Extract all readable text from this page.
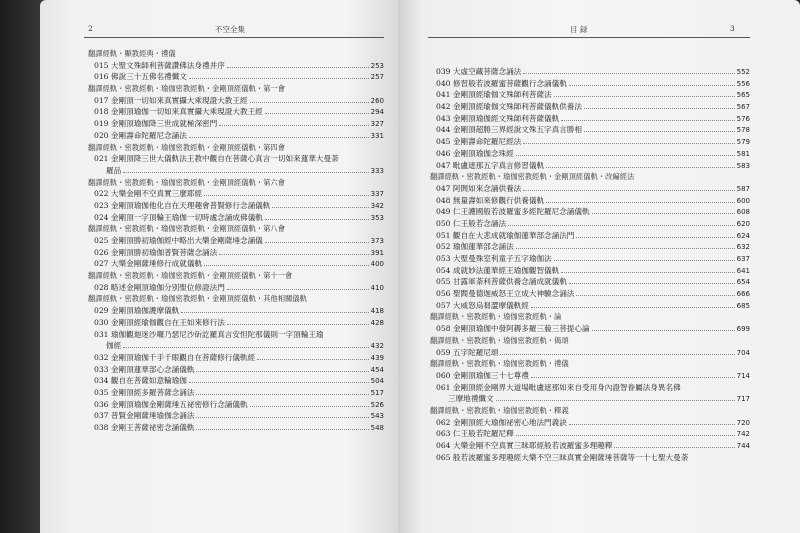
2	不空全集
翻譯經軌・顯教經典・禮儀
015 大聖文殊師利菩薩讚佛法身禮并序	253
016 佛說三十五佛名禮懺文	257
翻譯經軌・密教經軌・瑜伽密教經軌・金剛頂經儀軌・第一會
017 金剛頂一切如來真實攝大乘現證大教王經	260
018 金剛頂瑜伽一切如來真實攝大乘現證大教王經	294
019 金剛頂瑜伽降三世成就極深密門	327
020 金剛壽命陀羅尼念誦法	331
翻譯經軌・密教經軌・瑜伽密教經軌・金剛頂經儀軌・第四會
021 金剛頂降三世大儀軌法王教中觀自在菩薩心真言一切如來蓮華大曼荼
羅品	333
翻譯經軌・密教經軌・瑜伽密教經軌・金剛頂經儀軌・第六會
022 大樂金剛不空真實三麼耶經	337
023 金剛頂瑜伽他化自在天理趣會普賢修行念誦儀軌	342
024 金剛頂一字頂輪王瑜伽一切時處念誦成佛儀軌	353
翻譯經軌・密教經軌・瑜伽密教經軌・金剛頂經儀軌・第八會
025 金剛頂勝初瑜伽經中略出大樂金剛薩埵念誦儀	373
026 金剛頂勝初瑜伽普賢菩薩念誦法	391
027 大樂金剛薩埵修行成就儀軌	400
翻譯經軌・密教經軌・瑜伽密教經軌・金剛頂經儀軌・第十一會
028 略述金剛頂瑜伽分別聖位修證法門	410
翻譯經軌・密教經軌・瑜伽密教經軌・金剛頂經儀軌・其他相關儀軌
029 金剛頂瑜伽護摩儀軌	418
030 金剛頂經瑜伽觀自在王如來修行法	428
031 瑜伽觀迦迷沙囉乃瑟尼沙斫訖羅真言安怛陀那儀則一字頂輪王瑜
伽經	432
032 金剛頂瑜伽千手千眼觀自在菩薩修行儀軌經	439
033 金剛頂蓮華部心念誦儀軌	454
034 觀自在菩薩如意輪瑜伽	504
035 金剛頂經多羅菩薩念誦法	517
036 金剛頂瑜伽金剛薩埵五祕密修行念誦儀軌	526
037 普賢金剛薩埵瑜伽念誦法	543
038 金剛王菩薩祕密念誦儀軌	548
目 録	3
039 大虛空藏菩薩念誦法	552
040 修習般若波羅蜜菩薩觀行念誦儀軌	556
041 金剛頂經瑜伽文殊師利菩薩法	565
042 金剛頂經瑜伽文殊師利菩薩儀軌供養法	567
043 金剛頂瑜伽經文殊師利菩薩儀軌	576
044 金剛頂超勝三界經說文殊五字真言勝相	578
045 金剛壽命陀羅尼經法	579
046 金剛頂瑜伽念珠經	581
047 毗盧遮那五字真言修習儀軌	583
翻譯經軌・密教經軌・瑜伽密教經軌・金剛頂經儀軌・改編經法
047 阿閦如來念誦供養法	587
048 無量壽如來修觀行供養儀軌	600
049 仁王護國般若波羅蜜多經陀羅尼念誦儀軌	608
050 仁王般若念誦法	620
051 觀自在大悲成就瑜伽蓮華部念誦法門	624
052 瑜伽蓮華部念誦法	632
053 大聖曼殊室利童子五字瑜伽法	637
054 成就妙法蓮華經王瑜伽觀智儀軌	641
055 甘露軍荼利菩薩供養念誦成就儀軌	654
056 聖閻曼德迦威怒王立成大神驗念誦法	666
057 大威怒烏芻澀摩儀軌經	685
翻譯經軌・密教經軌・瑜伽密教經軌・論
058 金剛頂瑜伽中發阿耨多羅三藐三菩提心論	699
翻譯經軌・密教經軌・瑜伽密教經軌・偈頌
059 五字陀羅尼頌	704
翻譯經軌・密教經軌・瑜伽密教經軌・禮儀
060 金剛頂瑜伽三十七尊禮	714
061 金剛頂經金剛界大道場毗盧遮那如來自受用身內證智眷屬法身異名佛
三摩地禮懺文	717
翻譯經軌・密教經軌・瑜伽密教經軌・釋義
062 金剛頂經大瑜伽祕密心地法門義訣	720
063 仁王般若陀羅尼釋	742
064 大樂金剛不空真實三昧耶經般若波羅蜜多理趣釋	744
065 般若波羅蜜多理趣經大樂不空三昧真實金剛薩埵菩薩等一十七聖大曼荼
